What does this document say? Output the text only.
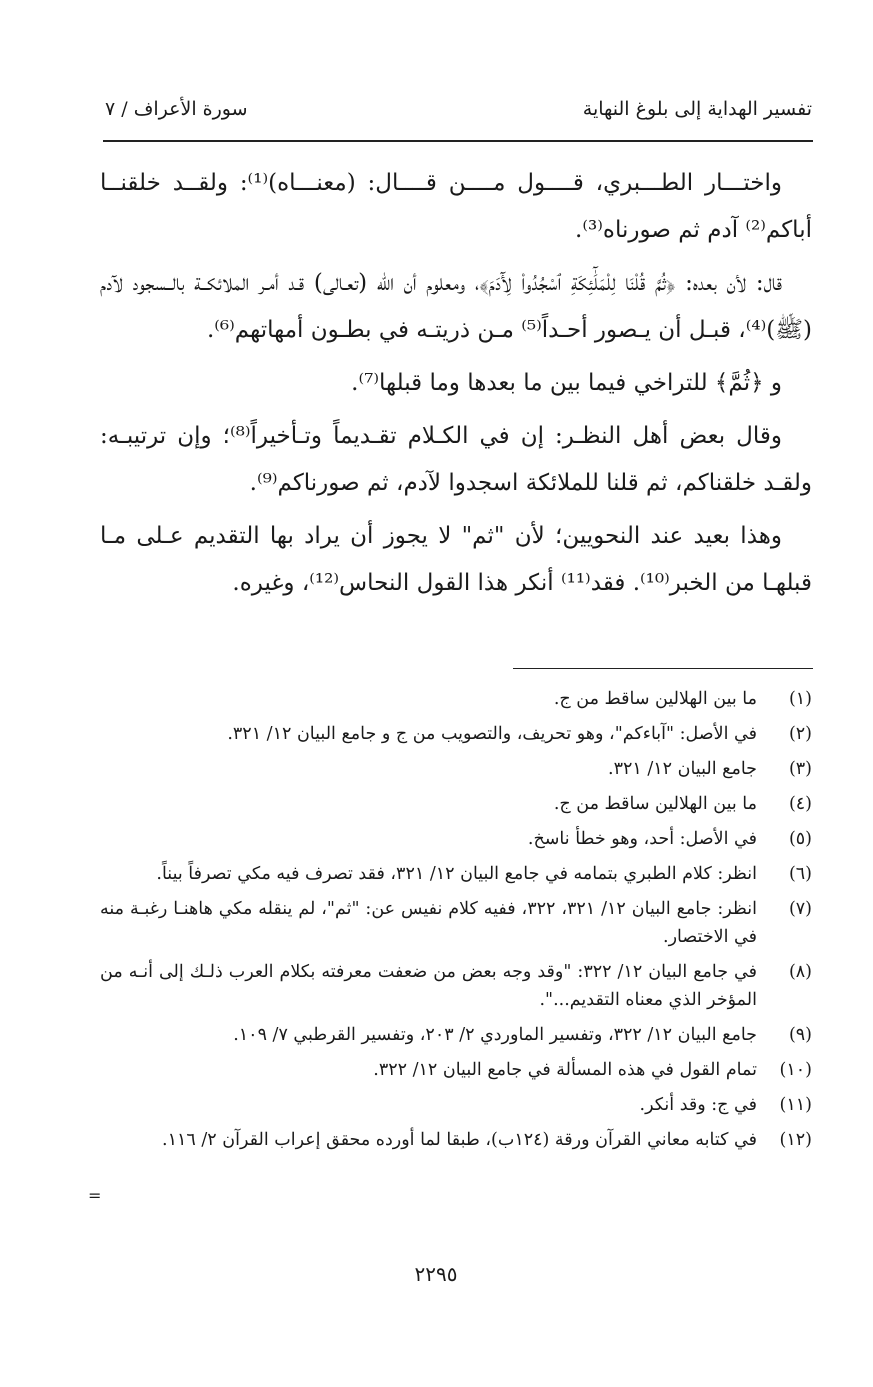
تفسير الهداية إلى بلوغ النهاية
سورة الأعراف / ٧

واختـــار الطـــبري، قــــول مــــن قــــال: (معنـــاه)⁽¹⁾: ولقــد خلقنــا أباكم⁽²⁾ آدم ثم صورناه⁽³⁾.

قال: لأن بعده: ﴿ثُمَّ قُلْنَا لِلْمَلَٰٓئِكَةِ ٱسْجُدُواْ لِأٓدَمَ﴾، ومعلوم أن الله (تعـالى) قـد أمـر الملائكــة بالــسجود لآدم (ﷺ)⁽⁴⁾، قبـل أن يـصور أحـداً⁽⁵⁾ مـن ذريتـه في بطـون أمهاتهم⁽⁶⁾.

و ﴿ثُمَّ﴾ للتراخي فيما بين ما بعدها وما قبلها⁽⁷⁾.

وقال بعض أهل النظـر: إن في الكـلام تقـديماً وتـأخيراً⁽⁸⁾؛ وإن ترتيبـه: ولقـد خلقناكم، ثم قلنا للملائكة اسجدوا لآدم، ثم صورناكم⁽⁹⁾.

وهذا بعيد عند النحويين؛ لأن "ثم" لا يجوز أن يراد بها التقديم عـلى مـا قبلهـا من الخبر⁽¹⁰⁾. فقد⁽¹¹⁾ أنكر هذا القول النحاس⁽¹²⁾، وغيره.

(١)
ما بين الهلالين ساقط من ج.
(٢)
في الأصل: "آباءكم"، وهو تحريف، والتصويب من ج و جامع البيان ١٢/ ٣٢١.
(٣)
جامع البيان ١٢/ ٣٢١.
(٤)
ما بين الهلالين ساقط من ج.
(٥)
في الأصل: أحد، وهو خطأ ناسخ.
(٦)
انظر: كلام الطبري بتمامه في جامع البيان ١٢/ ٣٢١، فقد تصرف فيه مكي تصرفاً بيناً.
(٧)
انظر: جامع البيان ١٢/ ٣٢١، ٣٢٢، ففيه كلام نفيس عن: "ثم"، لم ينقله مكي هاهنـا رغبـة منه في الاختصار.
(٨)
في جامع البيان ١٢/ ٣٢٢: "وقد وجه بعض من ضعفت معرفته بكلام العرب ذلـك إلى أنـه من المؤخر الذي معناه التقديم...".
(٩)
جامع البيان ١٢/ ٣٢٢، وتفسير الماوردي ٢/ ٢٠٣، وتفسير القرطبي ٧/ ١٠٩.
(١٠)
تمام القول في هذه المسألة في جامع البيان ١٢/ ٣٢٢.
(١١)
في ج: وقد أنكر.
(١٢)
في كتابه معاني القرآن ورقة (١٢٤ب)، طبقا لما أورده محقق إعراب القرآن ٢/ ١١٦.
=
٢٢٩٥
